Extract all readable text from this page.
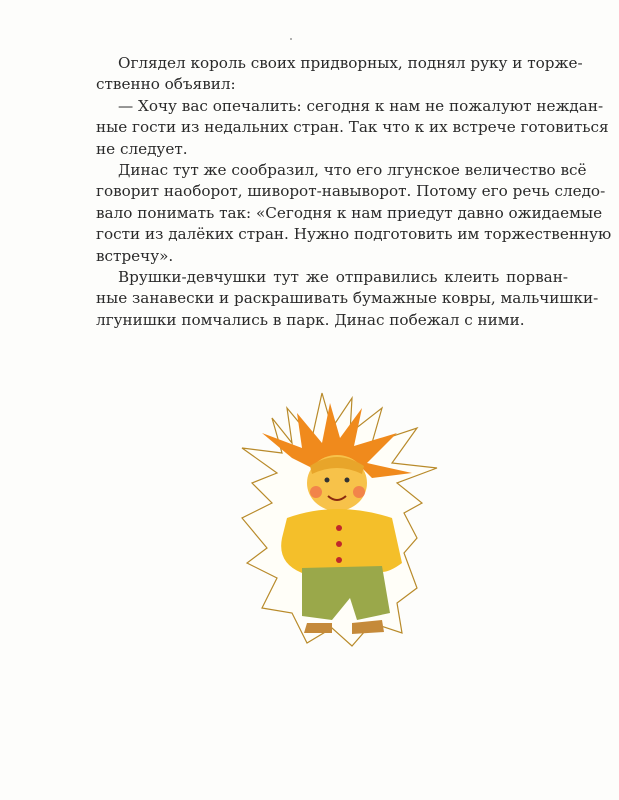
Оглядел король своих придворных, поднял руку и торже-
ственно объявил:
— Хочу вас опечалить: сегодня к нам не пожалуют неждан-
ные гости из недальних стран. Так что к их встрече готовиться
не следует.
Динас тут же сообразил, что его лгунское величество всё
говорит наоборот, шиворот-навыворот. Потому его речь следо-
вало понимать так: «Сегодня к нам приедут давно ожидаемые
гости из далёких стран. Нужно подготовить им торжественную
встречу».
Врушки-девчушки тут же отправились клеить порван-
ные занавески и раскрашивать бумажные ковры, мальчишки-
лгунишки помчались в парк. Динас побежал с ними.
